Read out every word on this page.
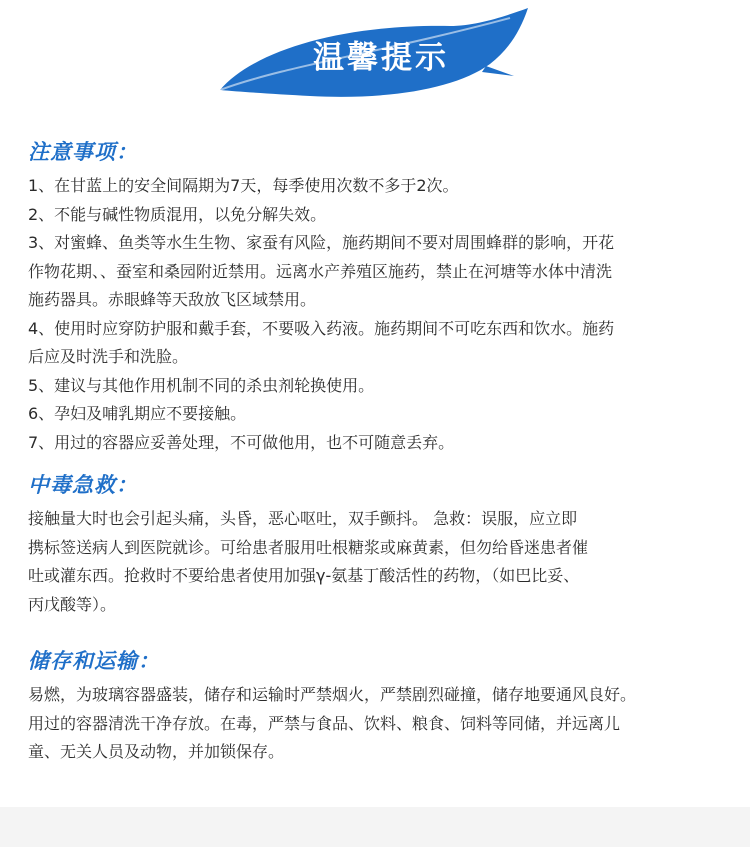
温馨提示
注意事项：
1、在甘蓝上的安全间隔期为7天，每季使用次数不多于2次。
2、不能与碱性物质混用，以免分解失效。
3、对蜜蜂、鱼类等水生生物、家蚕有风险，施药期间不要对周围蜂群的影响，开花
作物花期、、蚕室和桑园附近禁用。远离水产养殖区施药，禁止在河塘等水体中清洗
施药器具。赤眼蜂等天敌放飞区域禁用。
4、使用时应穿防护服和戴手套，不要吸入药液。施药期间不可吃东西和饮水。施药
后应及时洗手和洗脸。
5、建议与其他作用机制不同的杀虫剂轮换使用。
6、孕妇及哺乳期应不要接触。
7、用过的容器应妥善处理，不可做他用，也不可随意丢弃。
中毒急救：
接触量大时也会引起头痛，头昏，恶心呕吐，双手颤抖。 急救：误服，应立即
携标签送病人到医院就诊。可给患者服用吐根糖浆或麻黄素，但勿给昏迷患者催
吐或灌东西。抢救时不要给患者使用加强γ-氨基丁酸活性的药物，（如巴比妥、
丙戊酸等）。
储存和运输：
易燃，为玻璃容器盛装，储存和运输时严禁烟火，严禁剧烈碰撞，储存地要通风良好。
用过的容器清洗干净存放。在毒，严禁与食品、饮料、粮食、饲料等同储，并远离儿
童、无关人员及动物，并加锁保存。
